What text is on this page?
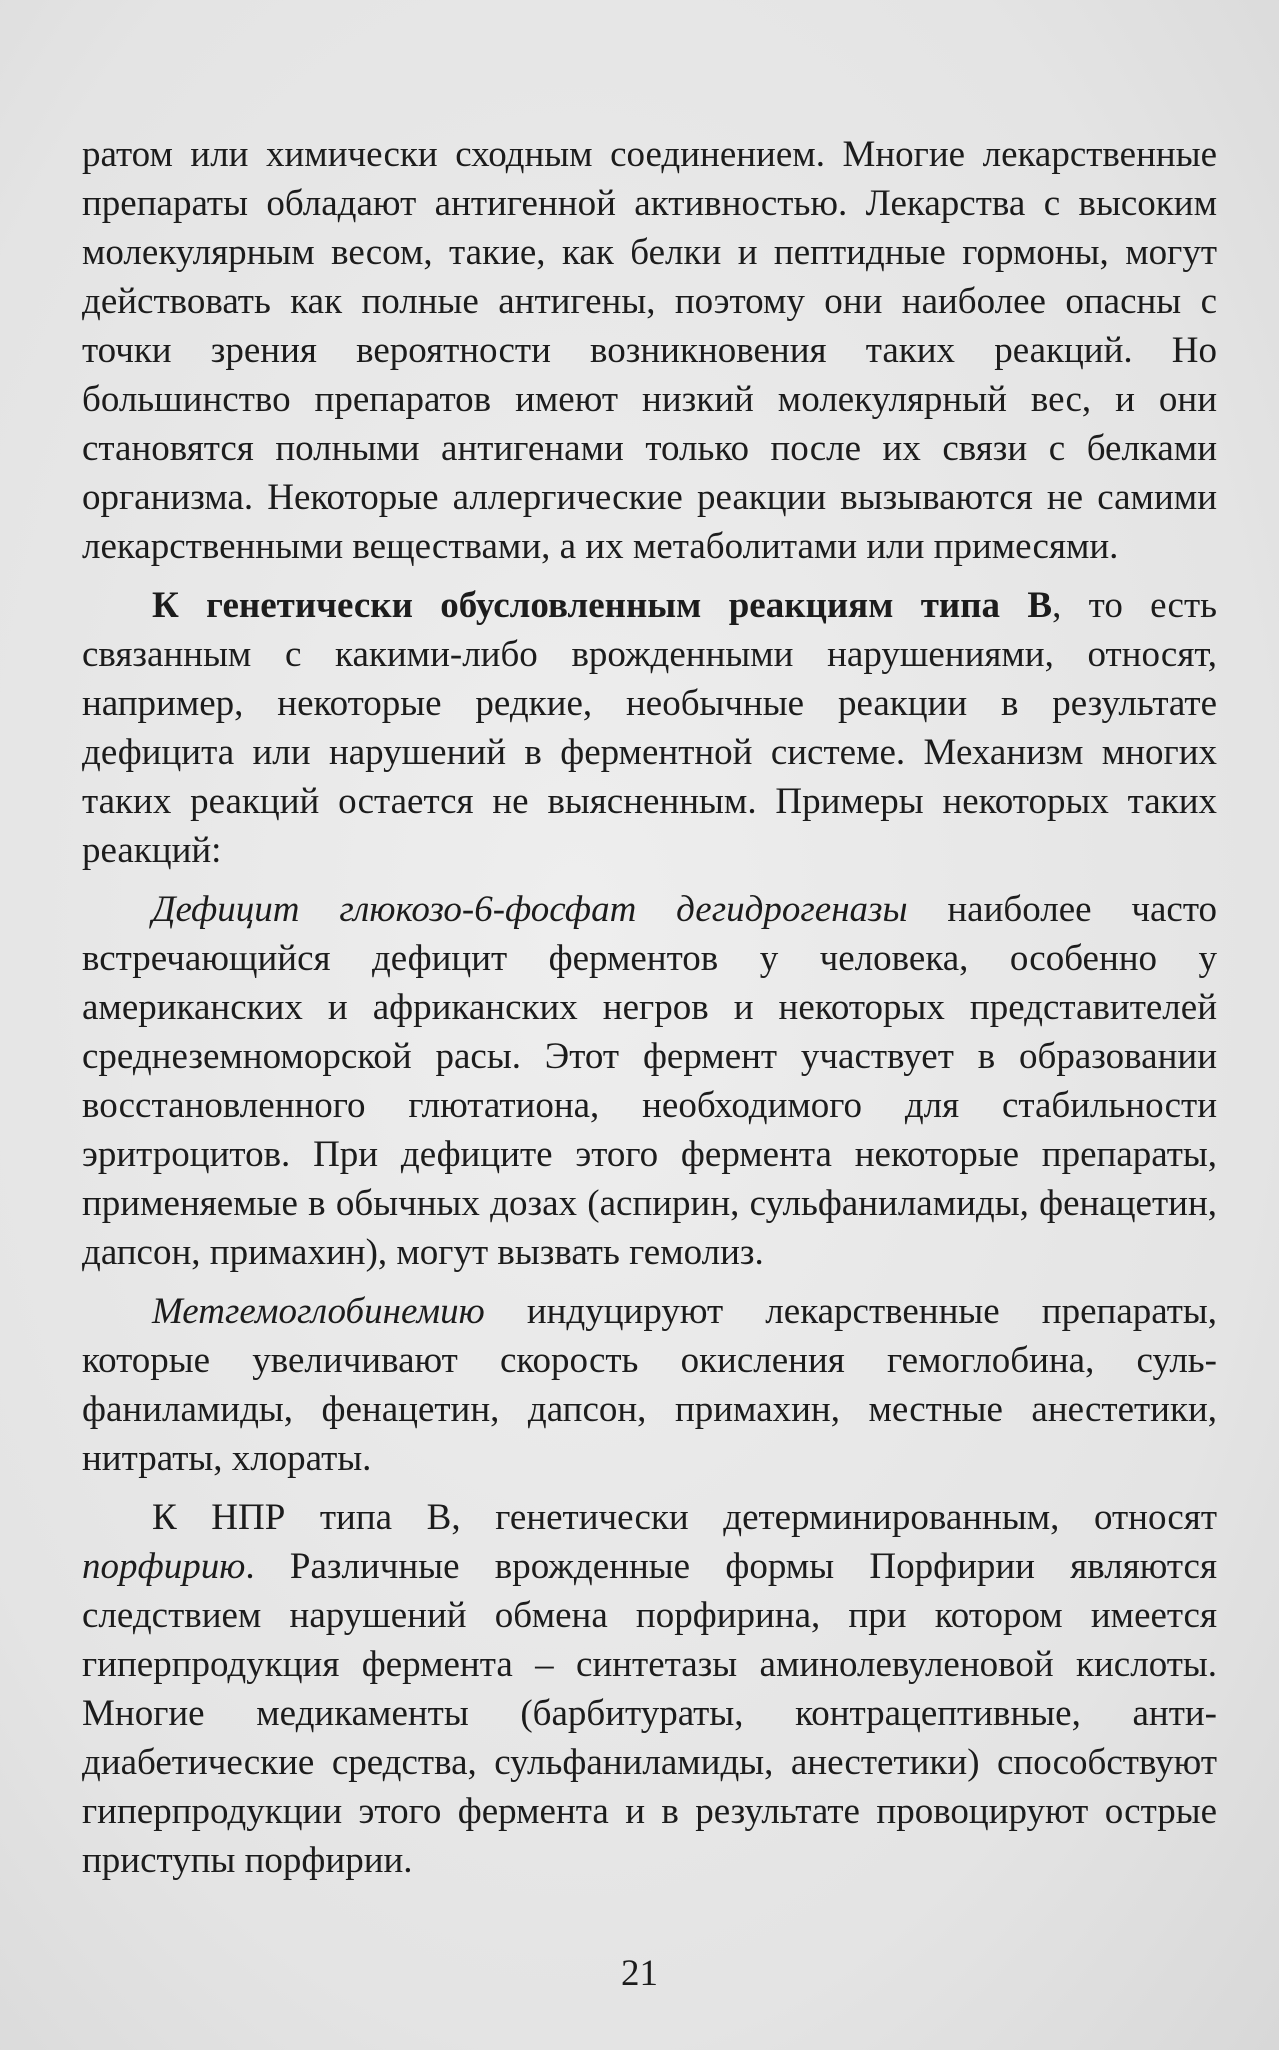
ратом или химически сходным соединением. Многие лекарственные препараты обладают антигенной активностью. Лекарства с высоким молекулярным весом, такие, как белки и пептидные гормоны, могут действовать как полные антигены, поэтому они наиболее опасны с точки зрения вероятности возникновения таких реакций. Но большинство препаратов имеют низкий молекулярный вес, и они становятся полными антигенами только после их связи с белками организма. Некоторые аллергические реакции вызываются не самими лекарственными веществами, а их метаболитами или примесями.

К генетически обусловленным реакциям типа В, то есть связанным с какими-либо врожденными нарушениями, относят, например, некоторые редкие, необычные реакции в результате дефицита или нарушений в ферментной системе. Механизм многих таких реакций остается не выясненным. Примеры некоторых таких реакций:

Дефицит глюкозо-6-фосфат дегидрогеназы наиболее часто встречающийся дефицит ферментов у человека, особенно у американских и африканских негров и некоторых представителей среднеземноморской расы. Этот фермент участвует в образовании восстановленного глютатиона, необходимого для стабильности эритроцитов. При дефиците этого фермента некоторые препараты, применяемые в обычных дозах (аспирин, сульфаниламиды, фенацетин, дапсон, примахин), могут вызвать гемолиз.

Метгемоглобинемию индуцируют лекарственные препараты, которые увеличивают скорость окисления гемоглобина, сульфаниламиды, фенацетин, дапсон, примахин, местные анестетики, нитраты, хлораты.

К НПР типа В, генетически детерминированным, относят порфирию. Различные врожденные формы Порфирии являются следствием нарушений обмена порфирина, при котором имеется гиперпродукция фермента – синтетазы аминолевуленовой кислоты. Многие медикаменты (барбитураты, контрацептивные, антидиабетические средства, сульфаниламиды, анестетики) способствуют гиперпродукции этого фермента и в результате провоцируют острые приступы порфирии.

21
